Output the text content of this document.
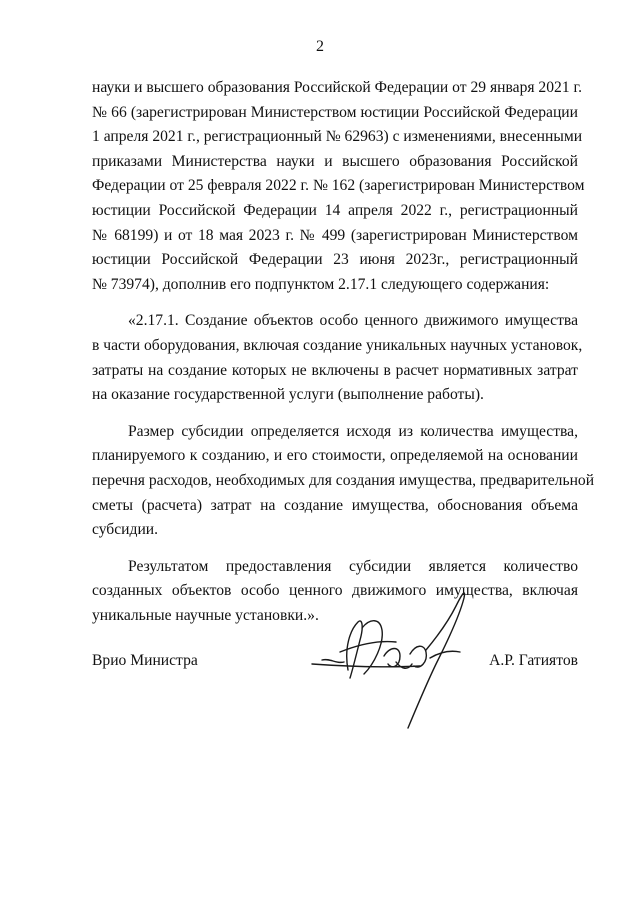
2
науки и высшего образования Российской Федерации от 29 января 2021 г.
№ 66 (зарегистрирован Министерством юстиции Российской Федерации
1 апреля 2021 г., регистрационный № 62963) с изменениями, внесенными
приказами Министерства науки и высшего образования Российской
Федерации от 25 февраля 2022 г. № 162 (зарегистрирован Министерством
юстиции Российской Федерации 14 апреля 2022 г., регистрационный
№ 68199) и от 18 мая 2023 г. № 499 (зарегистрирован Министерством
юстиции Российской Федерации 23 июня 2023г., регистрационный
№ 73974), дополнив его подпунктом 2.17.1 следующего содержания:
«2.17.1. Создание объектов особо ценного движимого имущества
в части оборудования, включая создание уникальных научных установок,
затраты на создание которых не включены в расчет нормативных затрат
на оказание государственной услуги (выполнение работы).
Размер субсидии определяется исходя из количества имущества,
планируемого к созданию, и его стоимости, определяемой на основании
перечня расходов, необходимых для создания имущества, предварительной
сметы (расчета) затрат на создание имущества, обоснования объема
субсидии.
Результатом предоставления субсидии является количество
созданных объектов особо ценного движимого имущества, включая
уникальные научные установки.».
Врио Министра	А.Р. Гатиятов
